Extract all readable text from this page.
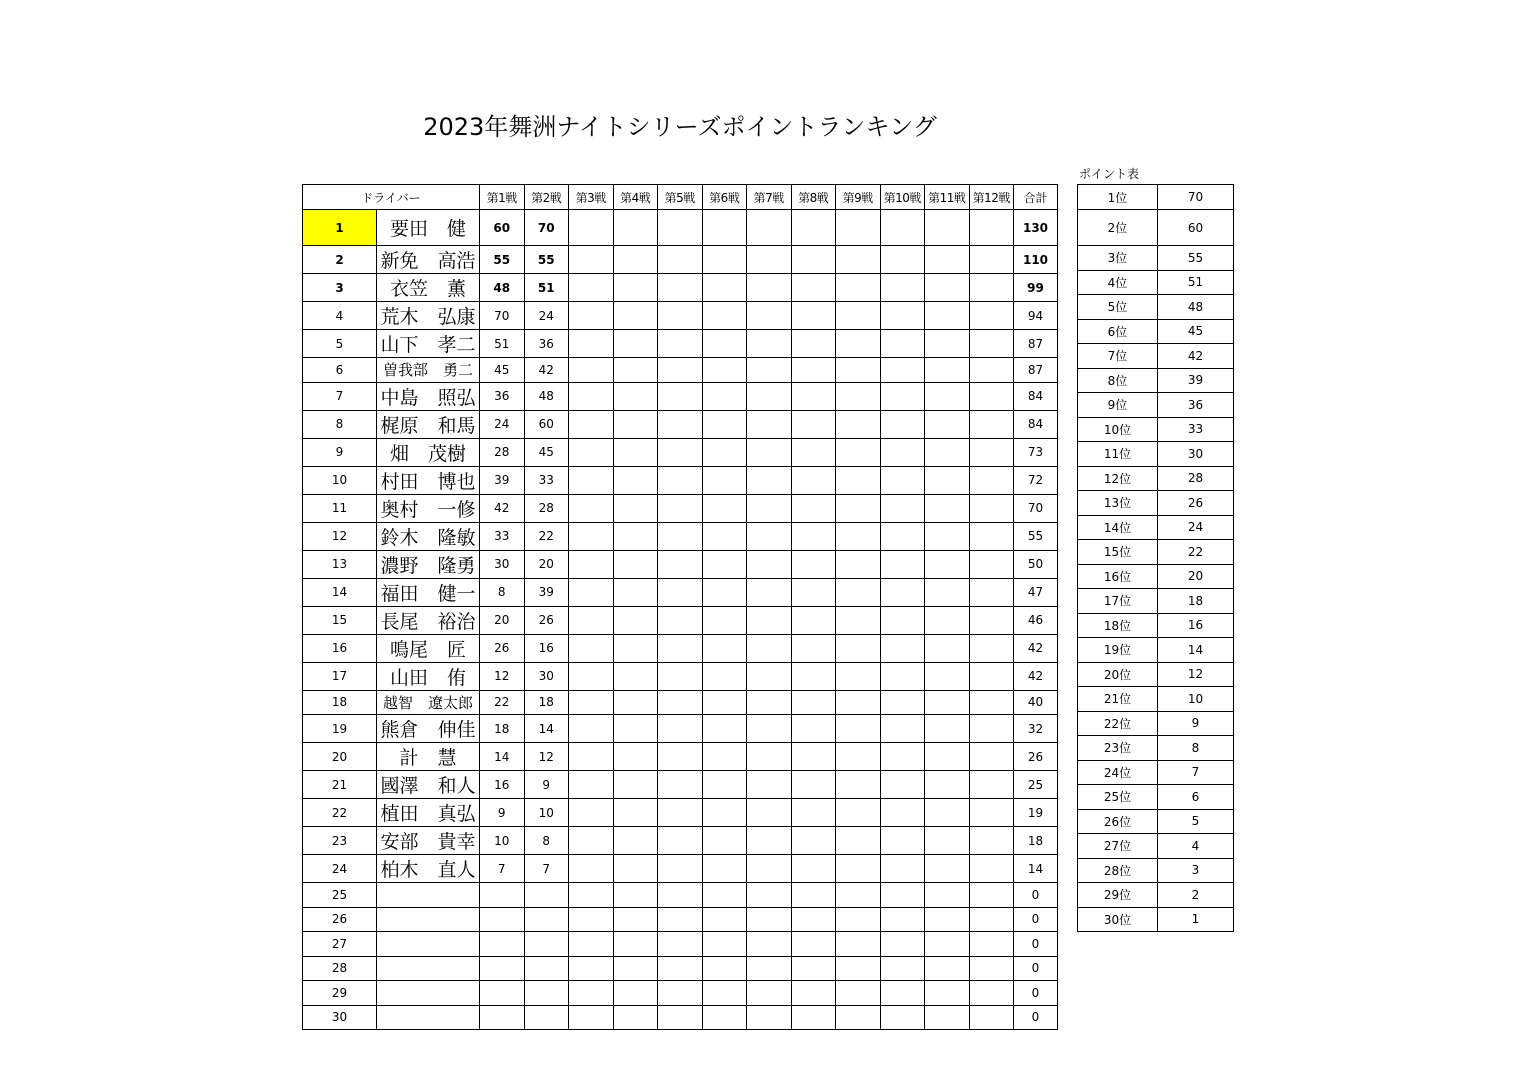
2023年舞洲ナイトシリーズポイントランキング
ドライバー		第1戦	第2戦	第3戦	第4戦	第5戦	第6戦	第7戦	第8戦	第9戦	第10戦	第11戦	第12戦	合計
1	要田　健	60	70											130
2	新免　高浩	55	55											110
3	衣笠　薫	48	51											99
4	荒木　弘康	70	24											94
5	山下　孝二	51	36											87
6	曽我部　勇二	45	42											87
7	中島　照弘	36	48											84
8	梶原　和馬	24	60											84
9	畑　茂樹	28	45											73
10	村田　博也	39	33											72
11	奥村　一修	42	28											70
12	鈴木　隆敏	33	22											55
13	濃野　隆勇	30	20											50
14	福田　健一	8	39											47
15	長尾　裕治	20	26											46
16	鳴尾　匠	26	16											42
17	山田　侑	12	30											42
18	越智　遼太郎	22	18											40
19	熊倉　伸佳	18	14											32
20	計　慧	14	12											26
21	國澤　和人	16	9											25
22	植田　真弘	9	10											19
23	安部　貴幸	10	8											18
24	柏木　直人	7	7											14
25														0
26														0
27														0
28														0
29														0
30														0
ポイント表
1位	70
2位	60
3位	55
4位	51
5位	48
6位	45
7位	42
8位	39
9位	36
10位	33
11位	30
12位	28
13位	26
14位	24
15位	22
16位	20
17位	18
18位	16
19位	14
20位	12
21位	10
22位	9
23位	8
24位	7
25位	6
26位	5
27位	4
28位	3
29位	2
30位	1
